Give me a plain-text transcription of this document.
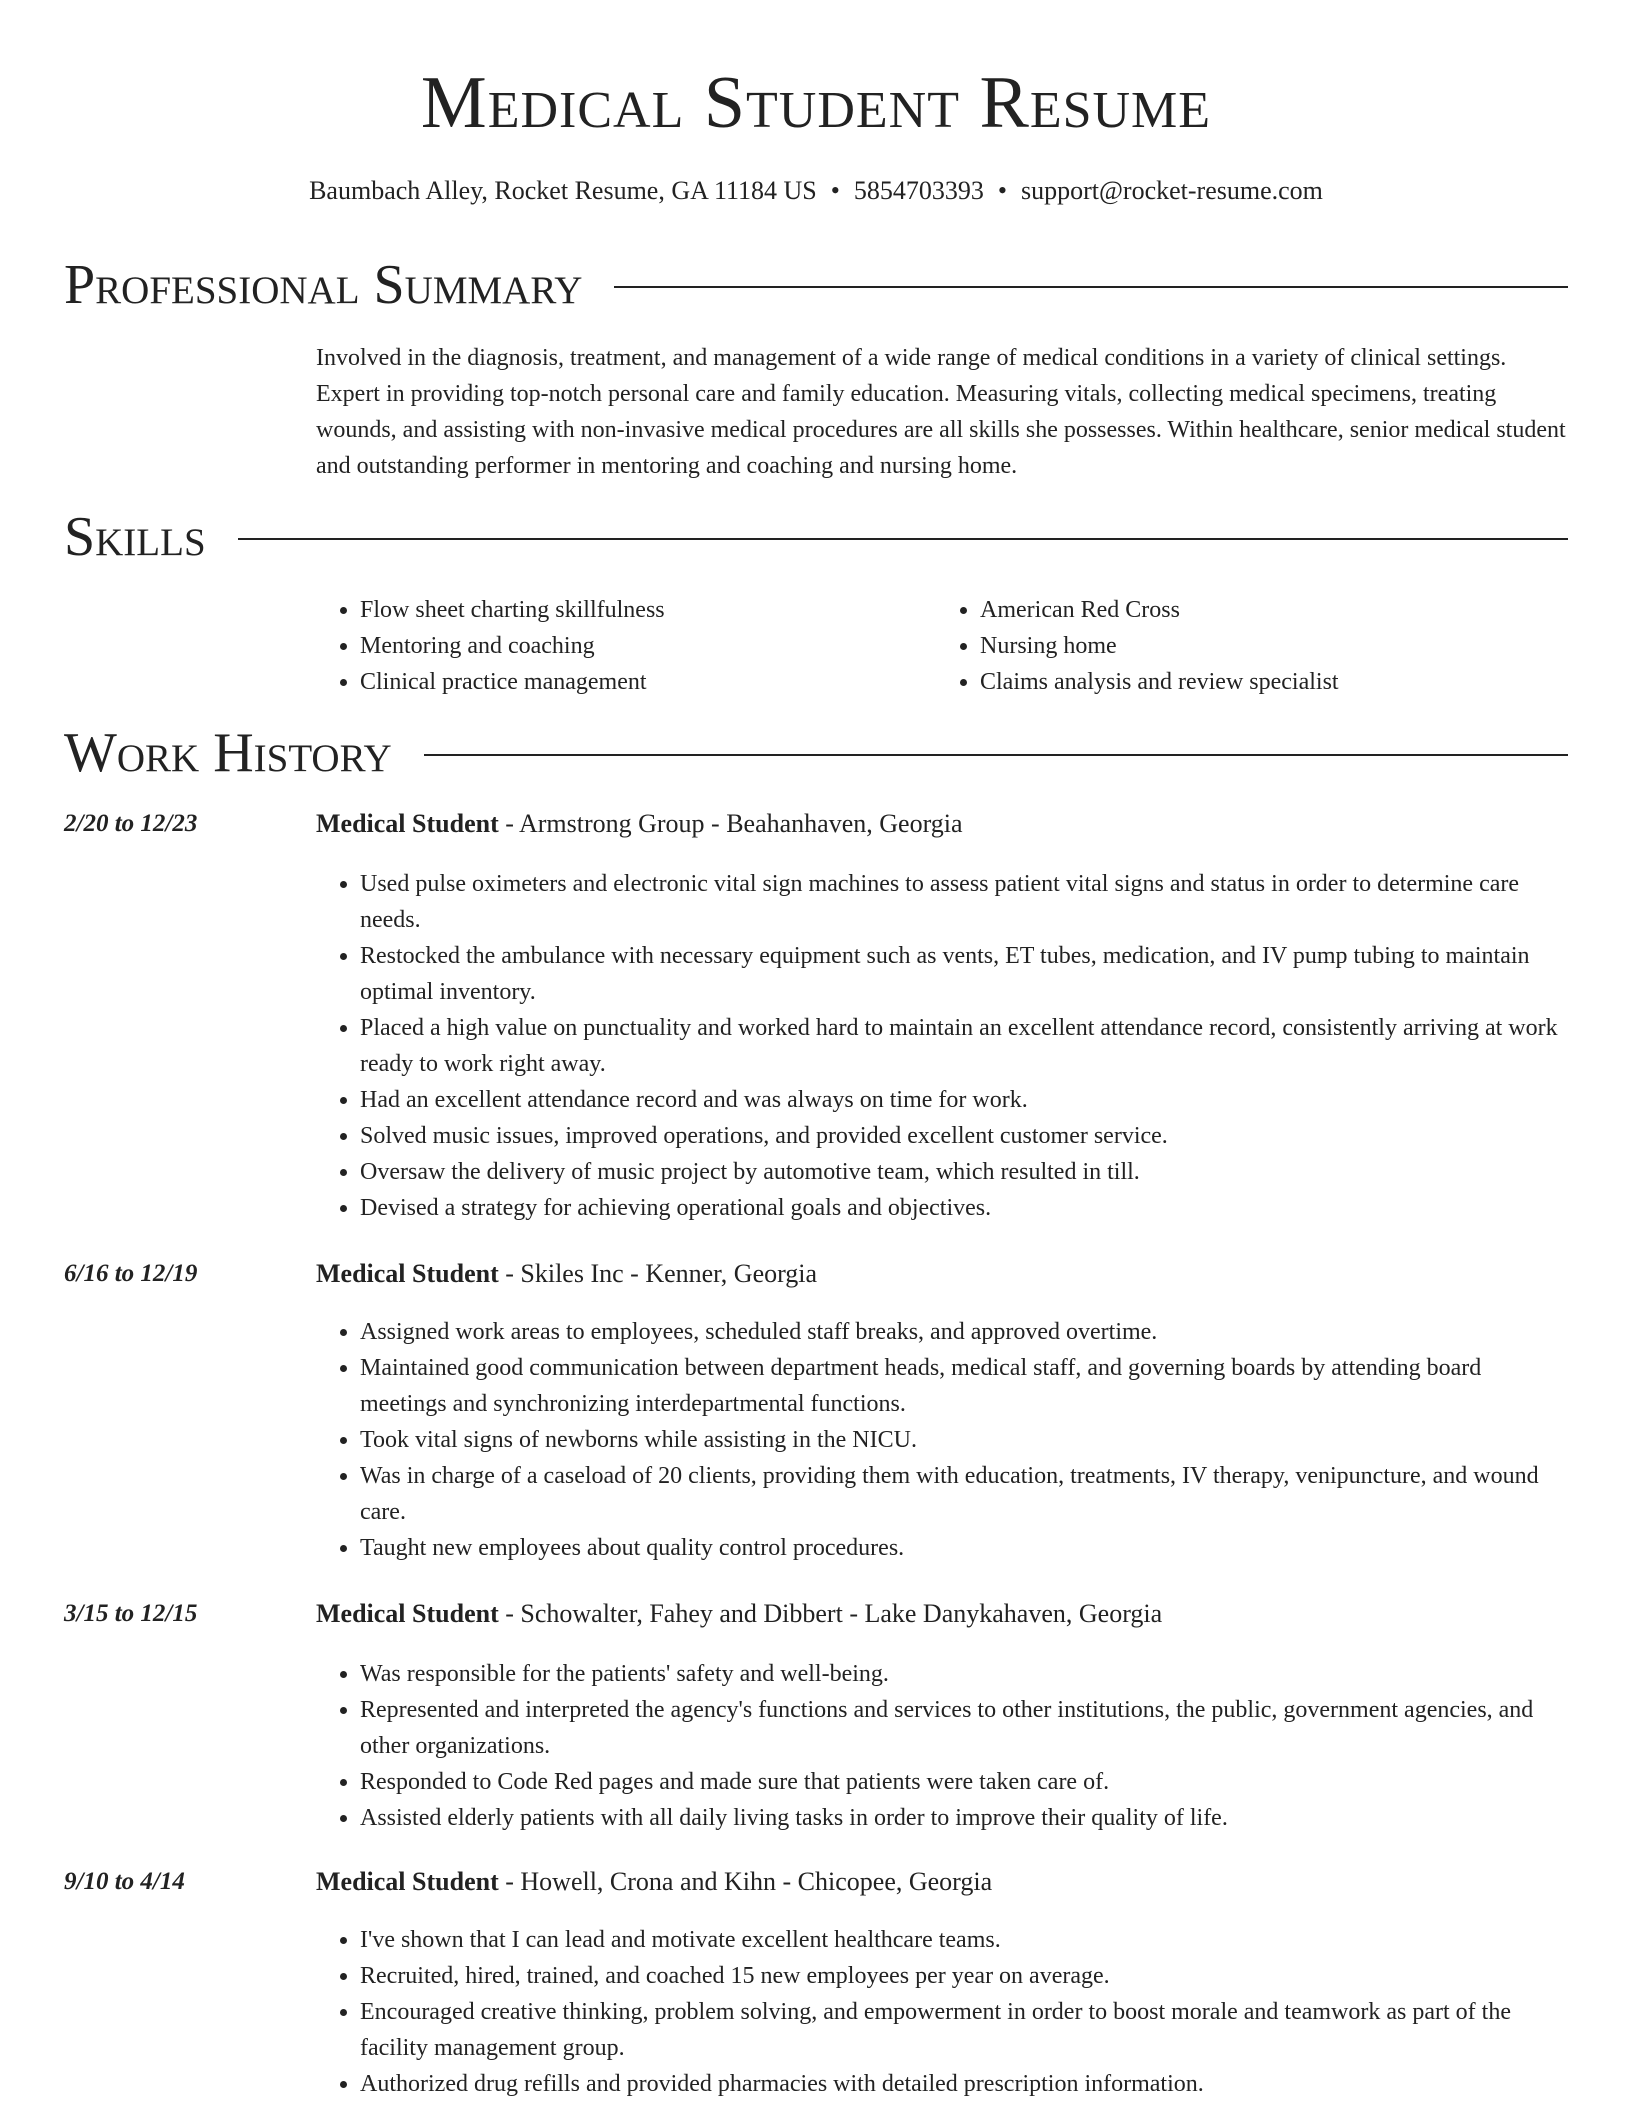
Medical Student Resume
Baumbach Alley, Rocket Resume, GA 11184 US • 5854703393 • support@rocket-resume.com
Professional Summary

Involved in the diagnosis, treatment, and management of a wide range of medical conditions in a variety of clinical settings. Expert in providing top-notch personal care and family education. Measuring vitals, collecting medical specimens, treating wounds, and assisting with non-invasive medical procedures are all skills she possesses. Within healthcare, senior medical student and outstanding performer in mentoring and coaching and nursing home.

Skills
• Flow sheet charting skillfulness
• Mentoring and coaching
• Clinical practice management
• American Red Cross
• Nursing home
• Claims analysis and review specialist
Work History
2/20 to 12/23	Medical Student - Armstrong Group - Beahanhaven, Georgia
• Used pulse oximeters and electronic vital sign machines to assess patient vital signs and status in order to determine care needs.
• Restocked the ambulance with necessary equipment such as vents, ET tubes, medication, and IV pump tubing to maintain optimal inventory.
• Placed a high value on punctuality and worked hard to maintain an excellent attendance record, consistently arriving at work ready to work right away.
• Had an excellent attendance record and was always on time for work.
• Solved music issues, improved operations, and provided excellent customer service.
• Oversaw the delivery of music project by automotive team, which resulted in till.
• Devised a strategy for achieving operational goals and objectives.
6/16 to 12/19	Medical Student - Skiles Inc - Kenner, Georgia
• Assigned work areas to employees, scheduled staff breaks, and approved overtime.
• Maintained good communication between department heads, medical staff, and governing boards by attending board meetings and synchronizing interdepartmental functions.
• Took vital signs of newborns while assisting in the NICU.
• Was in charge of a caseload of 20 clients, providing them with education, treatments, IV therapy, venipuncture, and wound care.
• Taught new employees about quality control procedures.
3/15 to 12/15	Medical Student - Schowalter, Fahey and Dibbert - Lake Danykahaven, Georgia
• Was responsible for the patients' safety and well-being.
• Represented and interpreted the agency's functions and services to other institutions, the public, government agencies, and other organizations.
• Responded to Code Red pages and made sure that patients were taken care of.
• Assisted elderly patients with all daily living tasks in order to improve their quality of life.
9/10 to 4/14	Medical Student - Howell, Crona and Kihn - Chicopee, Georgia
• I've shown that I can lead and motivate excellent healthcare teams.
• Recruited, hired, trained, and coached 15 new employees per year on average.
• Encouraged creative thinking, problem solving, and empowerment in order to boost morale and teamwork as part of the facility management group.
• Authorized drug refills and provided pharmacies with detailed prescription information.
